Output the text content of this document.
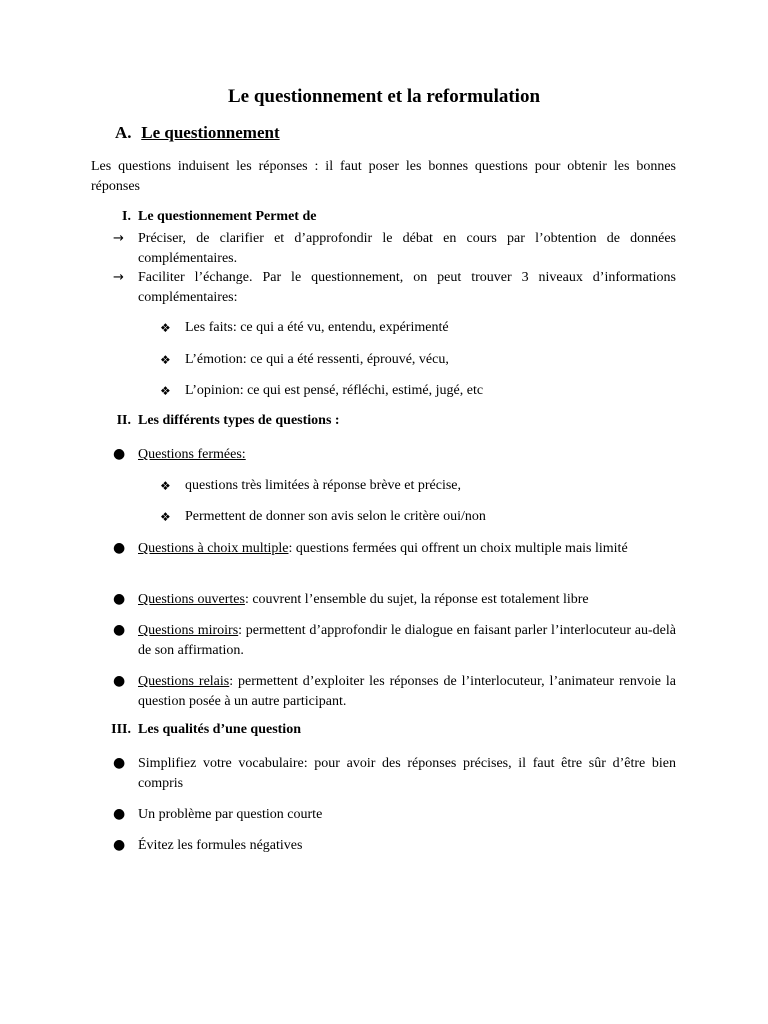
Le questionnement et la reformulation
A. Le questionnement
Les questions induisent les réponses : il faut poser les bonnes questions pour obtenir les bonnes réponses
I. Le questionnement Permet de
→ Préciser, de clarifier et d’approfondir le débat en cours par l’obtention de données complémentaires.
→ Faciliter l’échange. Par le questionnement, on peut trouver 3 niveaux d’informations complémentaires:
❖ Les faits: ce qui a été vu, entendu, expérimenté
❖ L’émotion: ce qui a été ressenti, éprouvé, vécu,
❖ L’opinion: ce qui est pensé, réfléchi, estimé, jugé, etc
II. Les différents types de questions :
● Questions fermées:
❖ questions très limitées à réponse brève et précise,
❖ Permettent de donner son avis selon le critère oui/non
● Questions à choix multiple: questions fermées qui offrent un choix multiple mais limité
● Questions ouvertes: couvrent l’ensemble du sujet, la réponse est totalement libre
● Questions miroirs: permettent d’approfondir le dialogue en faisant parler l’interlocuteur au-delà de son affirmation.
● Questions relais: permettent d’exploiter les réponses de l’interlocuteur, l’animateur renvoie la question posée à un autre participant.
III. Les qualités d’une question
● Simplifiez votre vocabulaire: pour avoir des réponses précises, il faut être sûr d’être bien compris
● Un problème par question courte
● Évitez les formules négatives
